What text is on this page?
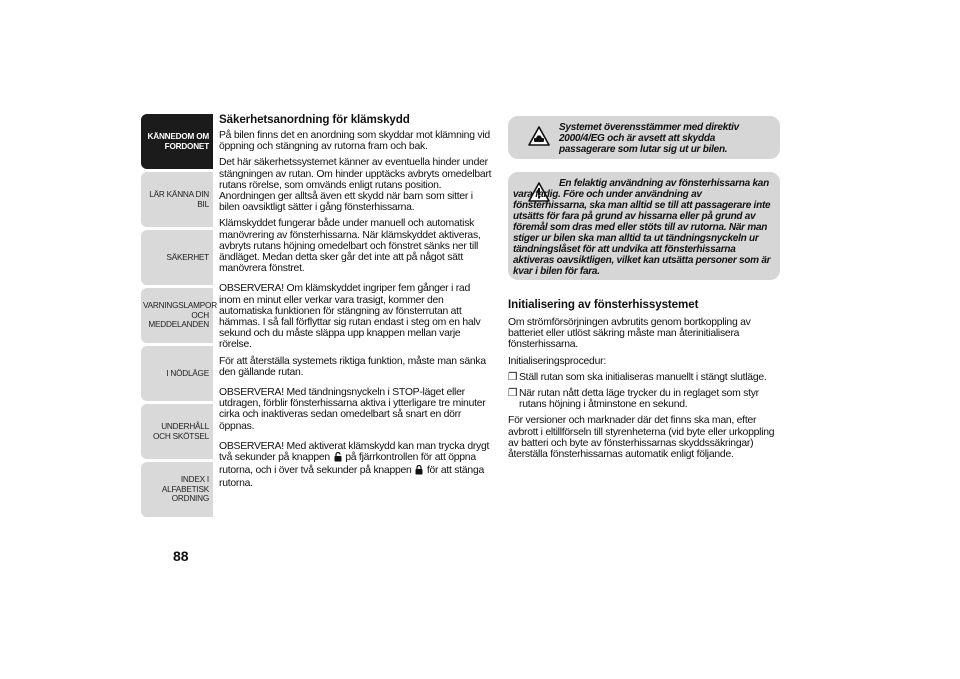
KÄNNEDOM OM FORDONET
LÄR KÄNNA DIN BIL
SÄKERHET
VARNINGSLAMPOR OCH MEDDELANDEN
I NÖDLÄGE
UNDERHÅLL OCH SKÖTSEL
INDEX I ALFABETISK ORDNING
88
Säkerhetsanordning för klämskydd
På bilen finns det en anordning som skyddar mot klämning vid öppning och stängning av rutorna fram och bak.
Det här säkerhetssystemet känner av eventuella hinder under stängningen av rutan. Om hinder upptäcks avbryts omedelbart rutans rörelse, som omvänds enligt rutans position. Anordningen ger alltså även ett skydd när barn som sitter i bilen oavsiktligt sätter i gång fönsterhissarna.
Klämskyddet fungerar både under manuell och automatisk manövrering av fönsterhissarna. När klämskyddet aktiveras, avbryts rutans höjning omedelbart och fönstret sänks ner till ändläget. Medan detta sker går det inte att på något sätt manövrera fönstret.
OBSERVERA! Om klämskyddet ingriper fem gånger i rad inom en minut eller verkar vara trasigt, kommer den automatiska funktionen för stängning av fönsterrutan att hämmas. I så fall förflyttar sig rutan endast i steg om en halv sekund och du måste släppa upp knappen mellan varje rörelse.
För att återställa systemets riktiga funktion, måste man sänka den gällande rutan.
OBSERVERA! Med tändningsnyckeln i STOP-läget eller utdragen, förblir fönsterhissarna aktiva i ytterligare tre minuter cirka och inaktiveras sedan omedelbart så snart en dörr öppnas.
OBSERVERA! Med aktiverat klämskydd kan man trycka drygt två sekunder på knappen på fjärrkontrollen för att öppna rutorna, och i över två sekunder på knappen för att stänga rutorna.
Systemet överensstämmer med direktiv 2000/4/EG och är avsett att skydda passagerare som lutar sig ut ur bilen.
En felaktig användning av fönsterhissarna kan vara farlig. Före och under användning av fönsterhissarna, ska man alltid se till att passagerare inte utsätts för fara på grund av hissarna eller på grund av föremål som dras med eller stöts till av rutorna. När man stiger ur bilen ska man alltid ta ut tändningsnyckeln ur tändningslåset för att undvika att fönsterhissarna aktiveras oavsiktligen, vilket kan utsätta personer som är kvar i bilen för fara.
Initialisering av fönsterhissystemet
Om strömförsörjningen avbrutits genom bortkoppling av batteriet eller utlöst säkring måste man återinitialisera fönsterhissarna.
Initialiseringsprocedur:
❒ Ställ rutan som ska initialiseras manuellt i stängt slutläge.
❒ När rutan nått detta läge trycker du in reglaget som styr rutans höjning i åtminstone en sekund.
För versioner och marknader där det finns ska man, efter avbrott i eltillförseln till styrenheterna (vid byte eller urkoppling av batteri och byte av fönsterhissarnas skyddssäkringar) återställa fönsterhissarnas automatik enligt följande.
